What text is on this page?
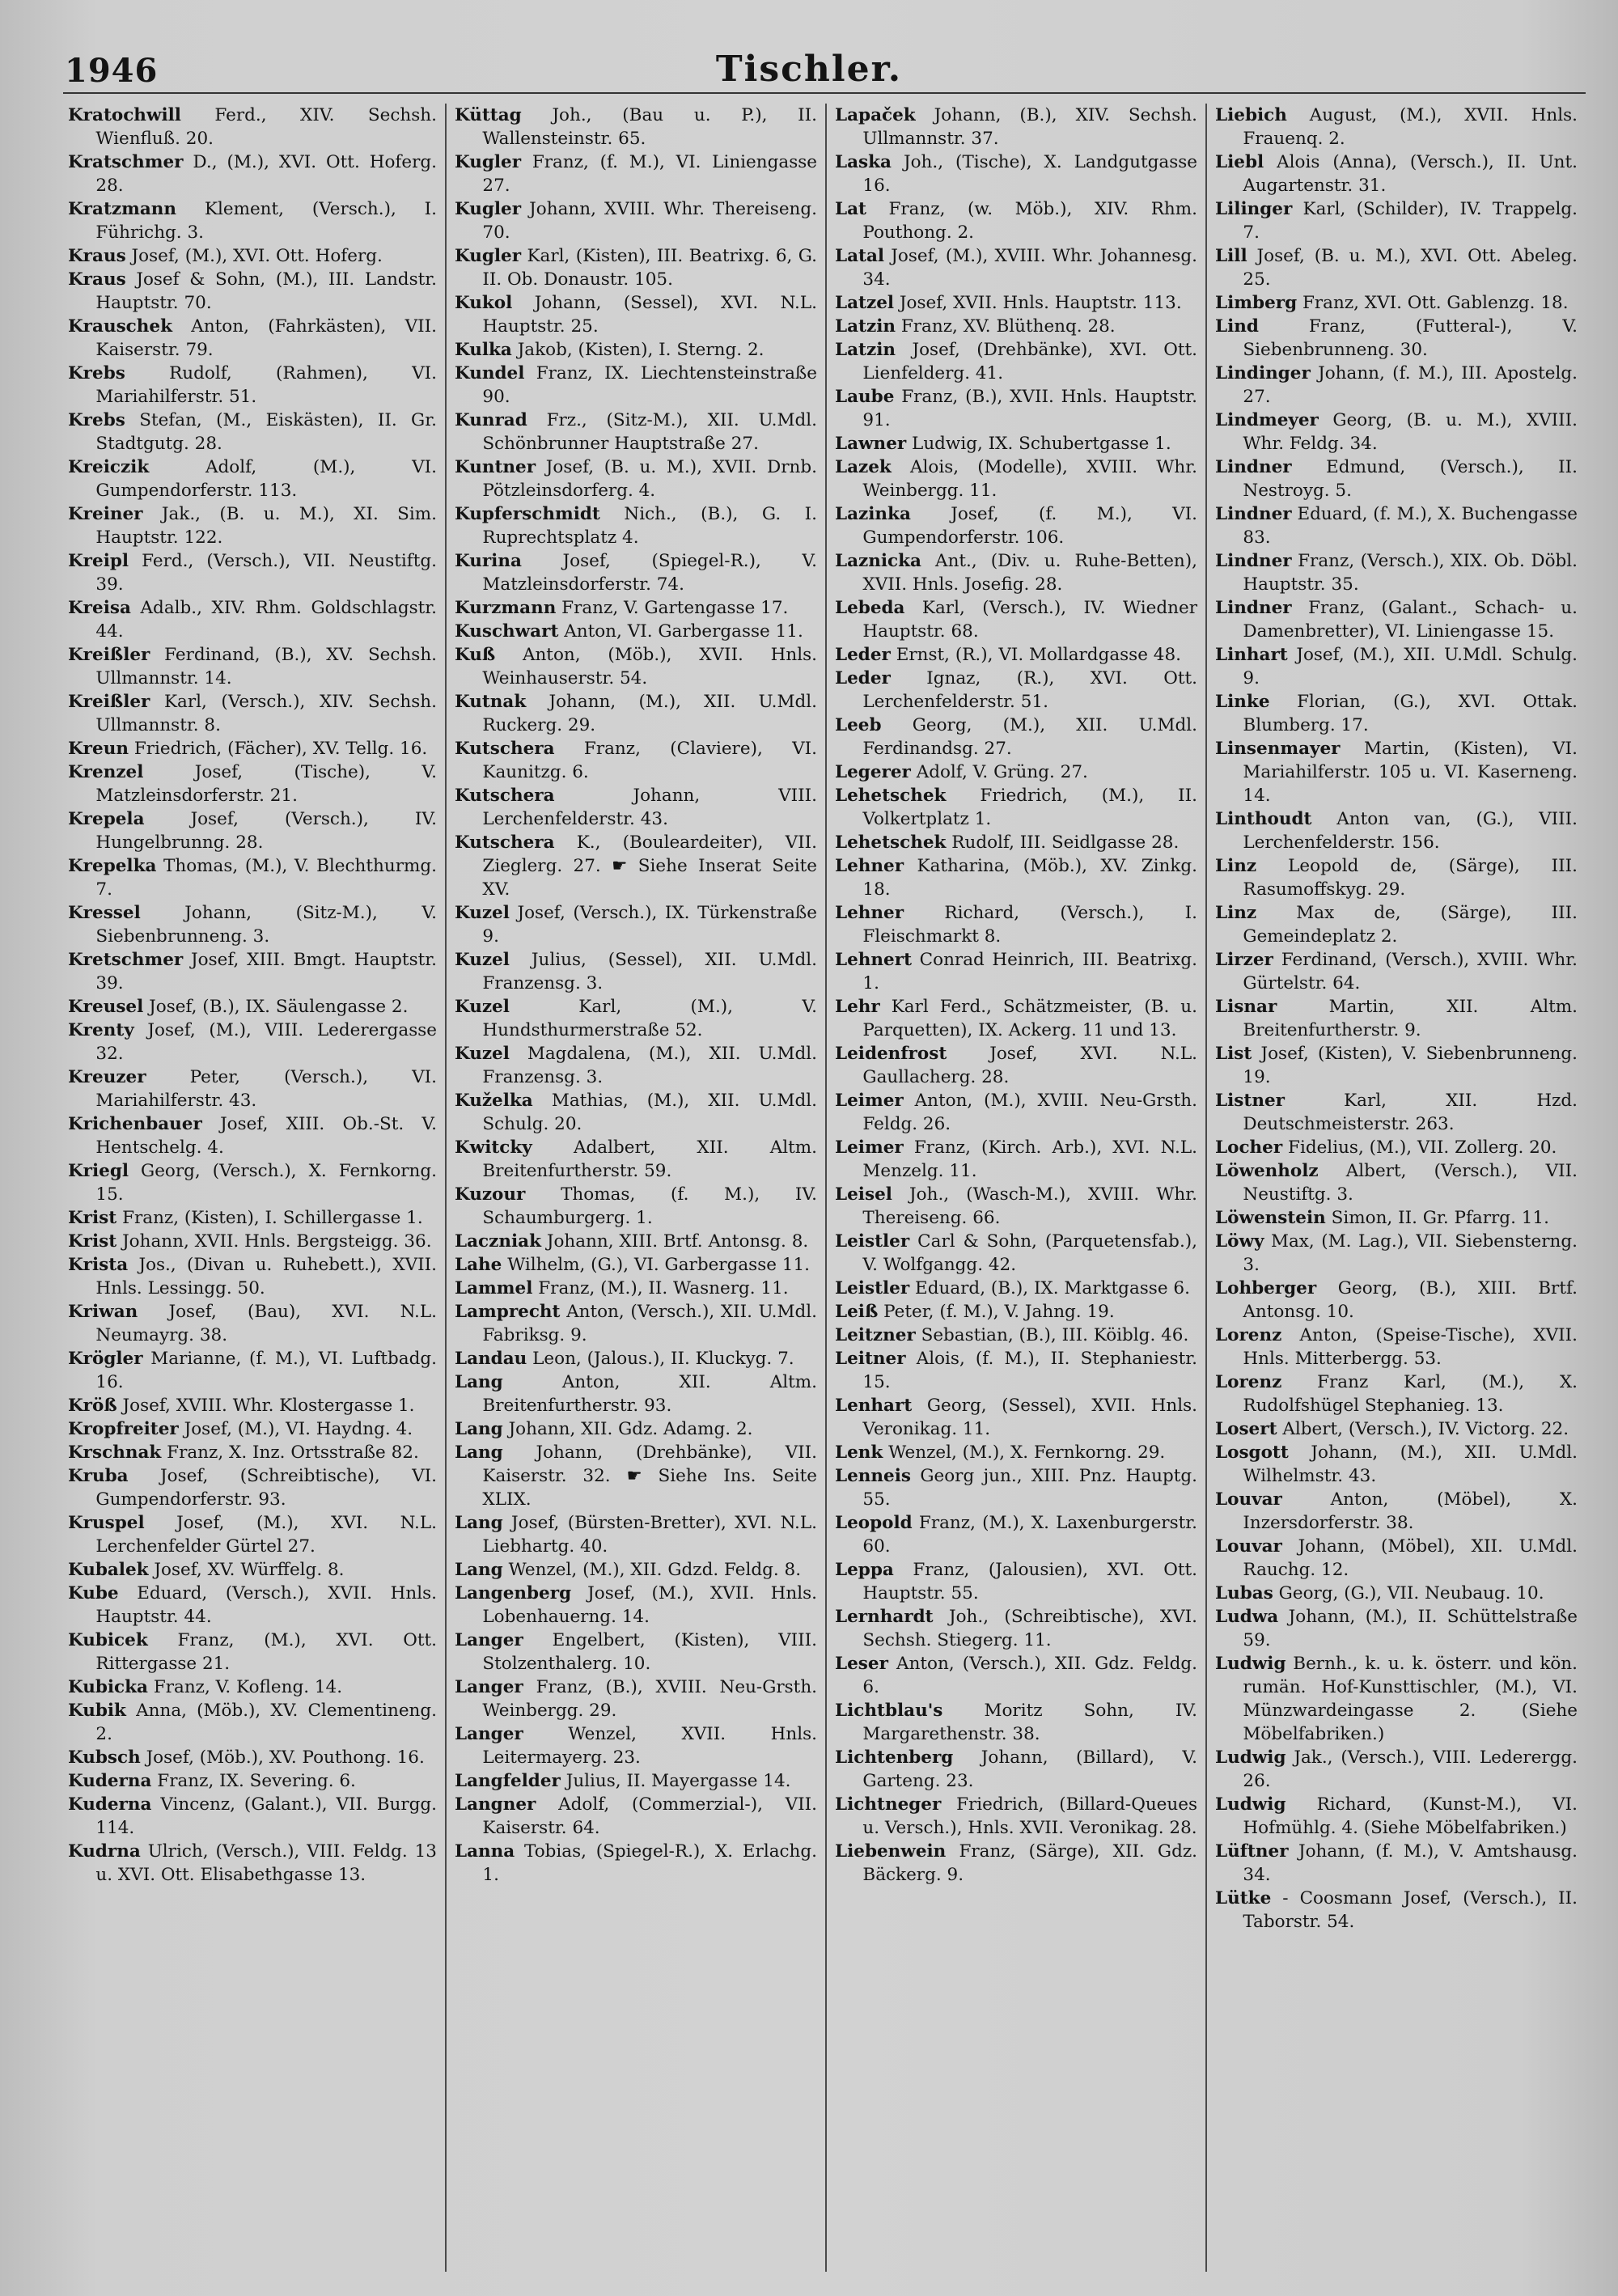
1946	Tischler.

Kratochwill Ferd., XIV. Sechsh. Wienfluß. 20.

Kratschmer D., (M.), XVI. Ott. Hoferg. 28.

Kratzmann Klement, (Versch.), I. Führichg. 3.

Kraus Josef, (M.), XVI. Ott. Hoferg.

Kraus Josef & Sohn, (M.), III. Landstr. Hauptstr. 70.

Krauschek Anton, (Fahrkästen), VII. Kaiserstr. 79.

Krebs	Rudolf, (Rahmen), VI. Mariahilferstr. 51.

Krebs Stefan, (M., Eiskästen), II. Gr. Stadtgutg. 28.

Kreiczik	Adolf, (M.), VI. Gumpendorferstr. 113.

Kreiner Jak., (B. u. M.), XI. Sim. Hauptstr. 122.

Kreipl Ferd., (Versch.), VII. Neustiftg. 39.

Kreisa Adalb., XIV. Rhm. Goldschlagstr. 44.

Kreißler Ferdinand, (B.), XV. Sechsh. Ullmannstr. 14.

Kreißler Karl, (Versch.), XIV. Sechsh. Ullmannstr. 8.

Kreun Friedrich, (Fächer), XV. Tellg. 16.

Krenzel	Josef, (Tische), V. Matzleinsdorferstr. 21.

Krepela	Josef, (Versch.), IV. Hungelbrunng. 28.

Krepelka Thomas, (M.), V. Blechthurmg. 7.

Kressel	Johann, (Sitz-M.), V. Siebenbrunneng. 3.

Kretschmer Josef, XIII. Bmgt. Hauptstr. 39.

Kreusel Josef, (B.), IX. Säulengasse 2.

Krenty Josef, (M.), VIII. Lederergasse 32.

Kreuzer	Peter, (Versch.), VI. Mariahilferstr. 43.

Krichenbauer Josef, XIII. Ob.-St. V. Hentschelg. 4.

Kriegl Georg, (Versch.), X. Fernkorng. 15.

Krist Franz, (Kisten), I. Schillergasse 1.

Krist Johann, XVII. Hnls. Bergsteigg. 36.

Krista Jos., (Divan u. Ruhebett.), XVII. Hnls. Lessingg. 50.

Kriwan Josef, (Bau), XVI. N.L. Neumayrg. 38.

Krögler Marianne, (f. M.), VI. Luftbadg. 16.

Kröß Josef, XVIII. Whr. Klostergasse 1.

Kropfreiter Josef, (M.), VI. Haydng. 4.

Krschnak Franz, X. Inz. Ortsstraße 82.

Kruba Josef, (Schreibtische), VI. Gumpendorferstr. 93.

Kruspel Josef, (M.), XVI. N.L. Lerchenfelder Gürtel 27.

Kubalek Josef, XV. Würffelg. 8.

Kube Eduard, (Versch.), XVII. Hnls. Hauptstr. 44.

Kubicek Franz, (M.), XVI. Ott. Rittergasse 21.

Kubicka Franz, V. Kofleng. 14.

Kubik Anna, (Möb.), XV. Clementineng. 2.

Kubsch Josef, (Möb.), XV. Pouthong. 16.

Kuderna Franz, IX. Severing. 6.

Kuderna Vincenz, (Galant.), VII. Burgg. 114.

Kudrna Ulrich, (Versch.), VIII. Feldg. 13 u. XVI. Ott. Elisabethgasse 13.

Küttag Joh., (Bau u. P.), II. Wallensteinstr. 65.

Kugler Franz, (f. M.), VI. Liniengasse 27.

Kugler Johann, XVIII. Whr. Thereiseng. 70.

Kugler Karl, (Kisten), III. Beatrixg. 6, G. II. Ob. Donaustr. 105.

Kukol Johann, (Sessel), XVI. N.L. Hauptstr. 25.

Kulka Jakob, (Kisten), I. Sterng. 2.

Kundel Franz, IX. Liechtensteinstraße 90.

Kunrad Frz., (Sitz-M.), XII. U.Mdl. Schönbrunner Hauptstraße 27.

Kuntner Josef, (B. u. M.), XVII. Drnb. Pötzleinsdorferg. 4.

Kupferschmidt Nich., (B.), G. I. Ruprechtsplatz 4.

Kurina Josef, (Spiegel-R.), V. Matzleinsdorferstr. 74.

Kurzmann Franz, V. Gartengasse 17.

Kuschwart Anton, VI. Garbergasse 11.

Kuß Anton, (Möb.), XVII. Hnls. Weinhauserstr. 54.

Kutnak Johann, (M.), XII. U.Mdl. Ruckerg. 29.

Kutschera Franz, (Claviere), VI. Kaunitzg. 6.

Kutschera	Johann, VIII. Lerchenfelderstr. 43.

Kutschera K., (Bouleardeiter), VII. Zieglerg. 27. ☛ Siehe Inserat Seite XV.

Kuzel Josef, (Versch.), IX. Türkenstraße 9.

Kuzel Julius, (Sessel), XII. U.Mdl. Franzensg. 3.

Kuzel	Karl, (M.), V. Hundsthurmerstraße 52.

Kuzel Magdalena, (M.), XII. U.Mdl. Franzensg. 3.

Kuželka Mathias, (M.), XII. U.Mdl. Schulg. 20.

Kwitcky Adalbert, XII. Altm. Breitenfurtherstr. 59.

Kuzour Thomas, (f. M.), IV. Schaumburgerg. 1.

Laczniak Johann, XIII. Brtf. Antonsg. 8.

Lahe Wilhelm, (G.), VI. Garbergasse 11.

Lammel Franz, (M.), II. Wasnerg. 11.

Lamprecht Anton, (Versch.), XII. U.Mdl. Fabriksg. 9.

Landau Leon, (Jalous.), II. Kluckyg. 7.

Lang	Anton, XII. Altm. Breitenfurtherstr. 93.

Lang Johann, XII. Gdz. Adamg. 2.

Lang Johann, (Drehbänke), VII. Kaiserstr. 32. ☛ Siehe Ins. Seite XLIX.

Lang Josef, (Bürsten-Bretter), XVI. N.L. Liebhartg. 40.

Lang Wenzel, (M.), XII. Gdzd. Feldg. 8.

Langenberg Josef, (M.), XVII. Hnls. Lobenhauerng. 14.

Langer Engelbert, (Kisten), VIII. Stolzenthalerg. 10.

Langer Franz, (B.), XVIII. Neu-Grsth. Weinbergg. 29.

Langer	Wenzel, XVII. Hnls. Leitermayerg. 23.

Langfelder Julius, II. Mayergasse 14.

Langner Adolf, (Commerzial-), VII. Kaiserstr. 64.

Lanna Tobias, (Spiegel-R.), X. Erlachg. 1.

Lapaček Johann, (B.), XIV. Sechsh. Ullmannstr. 37.

Laska Joh., (Tische), X. Landgutgasse 16.

Lat Franz, (w. Möb.), XIV. Rhm. Pouthong. 2.

Latal Josef, (M.), XVIII. Whr. Johannesg. 34.

Latzel Josef, XVII. Hnls. Hauptstr. 113.

Latzin Franz, XV. Blüthenq. 28.

Latzin Josef, (Drehbänke), XVI. Ott. Lienfelderg. 41.

Laube Franz, (B.), XVII. Hnls. Hauptstr. 91.

Lawner Ludwig, IX. Schubertgasse 1.

Lazek Alois, (Modelle), XVIII. Whr. Weinbergg. 11.

Lazinka Josef, (f. M.), VI. Gumpendorferstr. 106.

Laznicka Ant., (Div. u. Ruhe-Betten), XVII. Hnls. Josefig. 28.

Lebeda Karl, (Versch.), IV. Wiedner Hauptstr. 68.

Leder Ernst, (R.), VI. Mollardgasse 48.

Leder Ignaz, (R.), XVI. Ott. Lerchenfelderstr. 51.

Leeb Georg, (M.), XII. U.Mdl. Ferdinandsg. 27.

Legerer Adolf, V. Grüng. 27.

Lehetschek Friedrich, (M.), II. Volkertplatz 1.

Lehetschek Rudolf, III. Seidlgasse 28.

Lehner Katharina, (Möb.), XV. Zinkg. 18.

Lehner Richard, (Versch.), I. Fleischmarkt 8.

Lehnert Conrad Heinrich, III. Beatrixg. 1.

Lehr Karl Ferd., Schätzmeister, (B. u. Parquetten), IX. Ackerg. 11 und 13.

Leidenfrost Josef, XVI. N.L. Gaullacherg. 28.

Leimer Anton, (M.), XVIII. Neu-Grsth. Feldg. 26.

Leimer Franz, (Kirch. Arb.), XVI. N.L. Menzelg. 11.

Leisel Joh., (Wasch-M.), XVIII. Whr. Thereiseng. 66.

Leistler Carl & Sohn, (Parquetensfab.), V. Wolfgangg. 42.

Leistler Eduard, (B.), IX. Marktgasse 6.

Leiß Peter, (f. M.), V. Jahng. 19.

Leitzner Sebastian, (B.), III. Köiblg. 46.

Leitner Alois, (f. M.), II. Stephaniestr. 15.

Lenhart Georg, (Sessel), XVII. Hnls. Veronikag. 11.

Lenk Wenzel, (M.), X. Fernkorng. 29.

Lenneis Georg jun., XIII. Pnz. Hauptg. 55.

Leopold Franz, (M.), X. Laxenburgerstr. 60.

Leppa Franz, (Jalousien), XVI. Ott. Hauptstr. 55.

Lernhardt Joh., (Schreibtische), XVI. Sechsh. Stiegerg. 11.

Leser Anton, (Versch.), XII. Gdz. Feldg. 6.

Lichtblau's Moritz Sohn, IV. Margarethenstr. 38.

Lichtenberg Johann, (Billard), V. Garteng. 23.

Lichtneger Friedrich, (Billard-Queues u. Versch.), Hnls. XVII. Veronikag. 28.

Liebenwein Franz, (Särge), XII. Gdz. Bäckerg. 9.

Liebich August, (M.), XVII. Hnls. Frauenq. 2.

Liebl Alois (Anna), (Versch.), II. Unt. Augartenstr. 31.

Lilinger Karl, (Schilder), IV. Trappelg. 7.

Lill Josef, (B. u. M.), XVI. Ott. Abeleg. 25.

Limberg Franz, XVI. Ott. Gablenzg. 18.

Lind	Franz, (Futteral-), V. Siebenbrunneng. 30.

Lindinger Johann, (f. M.), III. Apostelg. 27.

Lindmeyer Georg, (B. u. M.), XVIII. Whr. Feldg. 34.

Lindner Edmund, (Versch.), II. Nestroyg. 5.

Lindner Eduard, (f. M.), X. Buchengasse 83.

Lindner Franz, (Versch.), XIX. Ob. Döbl. Hauptstr. 35.

Lindner Franz, (Galant., Schach- u. Damenbretter), VI. Liniengasse 15.

Linhart Josef, (M.), XII. U.Mdl. Schulg. 9.

Linke Florian, (G.), XVI. Ottak. Blumberg. 17.

Linsenmayer Martin, (Kisten), VI. Mariahilferstr. 105 u. VI. Kaserneng. 14.

Linthoudt Anton van, (G.), VIII. Lerchenfelderstr. 156.

Linz Leopold de, (Särge), III. Rasumoffskyg. 29.

Linz Max de, (Särge), III. Gemeindeplatz 2.

Lirzer Ferdinand, (Versch.), XVIII. Whr. Gürtelstr. 64.

Lisnar	Martin, XII. Altm. Breitenfurtherstr. 9.

List Josef, (Kisten), V. Siebenbrunneng. 19.

Listner	Karl, XII. Hzd. Deutschmeisterstr. 263.

Locher Fidelius, (M.), VII. Zollerg. 20.

Löwenholz Albert, (Versch.), VII. Neustiftg. 3.

Löwenstein Simon, II. Gr. Pfarrg. 11.

Löwy Max, (M. Lag.), VII. Siebensterng. 3.

Lohberger Georg, (B.), XIII. Brtf. Antonsg. 10.

Lorenz Anton, (Speise-Tische), XVII. Hnls. Mitterbergg. 53.

Lorenz Franz Karl, (M.), X. Rudolfshügel Stephanieg. 13.

Losert Albert, (Versch.), IV. Victorg. 22.

Losgott Johann, (M.), XII. U.Mdl. Wilhelmstr. 43.

Louvar	Anton, (Möbel), X. Inzersdorferstr. 38.

Louvar Johann, (Möbel), XII. U.Mdl. Rauchg. 12.

Lubas Georg, (G.), VII. Neubaug. 10.

Ludwa Johann, (M.), II. Schüttelstraße 59.

Ludwig Bernh., k. u. k. österr. und kön. rumän. Hof-Kunsttischler, (M.), VI. Münzwardeingasse 2. (Siehe Möbelfabriken.)

Ludwig Jak., (Versch.), VIII. Lederergg. 26.

Ludwig Richard, (Kunst-M.), VI. Hofmühlg. 4. (Siehe Möbelfabriken.)

Lüftner Johann, (f. M.), V. Amtshausg. 34.

Lütke - Coosmann Josef, (Versch.), II. Taborstr. 54.
